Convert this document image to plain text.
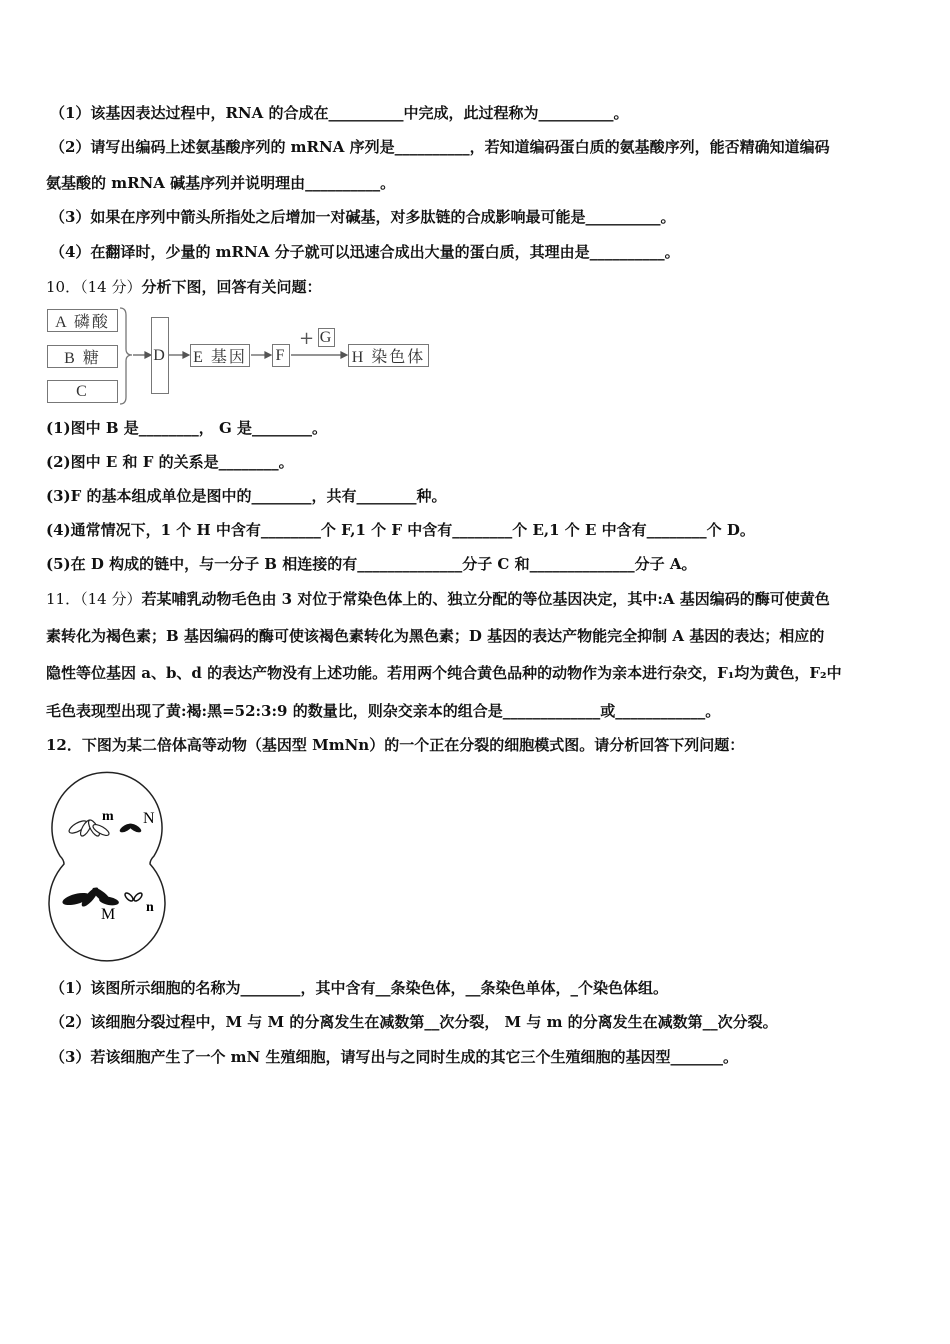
（1）该基因表达过程中，RNA 的合成在__________中完成，此过程称为__________。
（2）请写出编码上述氨基酸序列的 mRNA 序列是__________，若知道编码蛋白质的氨基酸序列，能否精确知道编码
氨基酸的 mRNA 碱基序列并说明理由__________。
（3）如果在序列中箭头所指处之后增加一对碱基，对多肽链的合成影响最可能是__________。
（4）在翻译时，少量的 mRNA 分子就可以迅速合成出大量的蛋白质，其理由是__________。
10．（14 分）分析下图，回答有关问题：
A 磷酸
B 糖
C
D E 基因 F
+ G
H 染色体
(1)图中 B 是________， G 是________。
(2)图中 E 和 F 的关系是________。
(3)F 的基本组成单位是图中的________，共有________种。
(4)通常情况下，1 个 H 中含有________个 F,1 个 F 中含有________个 E,1 个 E 中含有________个 D。
(5)在 D 构成的链中，与一分子 B 相连接的有______________分子 C 和______________分子 A。
11．（14 分）若某哺乳动物毛色由 3 对位于常染色体上的、独立分配的等位基因决定，其中:A 基因编码的酶可使黄色
素转化为褐色素；B 基因编码的酶可使该褐色素转化为黑色素；D 基因的表达产物能完全抑制 A 基因的表达；相应的
隐性等位基因 a、b、d 的表达产物没有上述功能。若用两个纯合黄色品种的动物作为亲本进行杂交，F₁均为黄色，F₂中
毛色表现型出现了黄:褐:黑=52:3:9 的数量比，则杂交亲本的组合是_____________或____________。
12．下图为某二倍体高等动物（基因型 MmNn）的一个正在分裂的细胞模式图。请分析回答下列问题：
m N
M n
（1）该图所示细胞的名称为________，其中含有__条染色体，__条染色单体，_个染色体组。
（2）该细胞分裂过程中，M 与 M 的分离发生在减数第__次分裂， M 与 m 的分离发生在减数第__次分裂。
（3）若该细胞产生了一个 mN 生殖细胞，请写出与之同时生成的其它三个生殖细胞的基因型_______。
